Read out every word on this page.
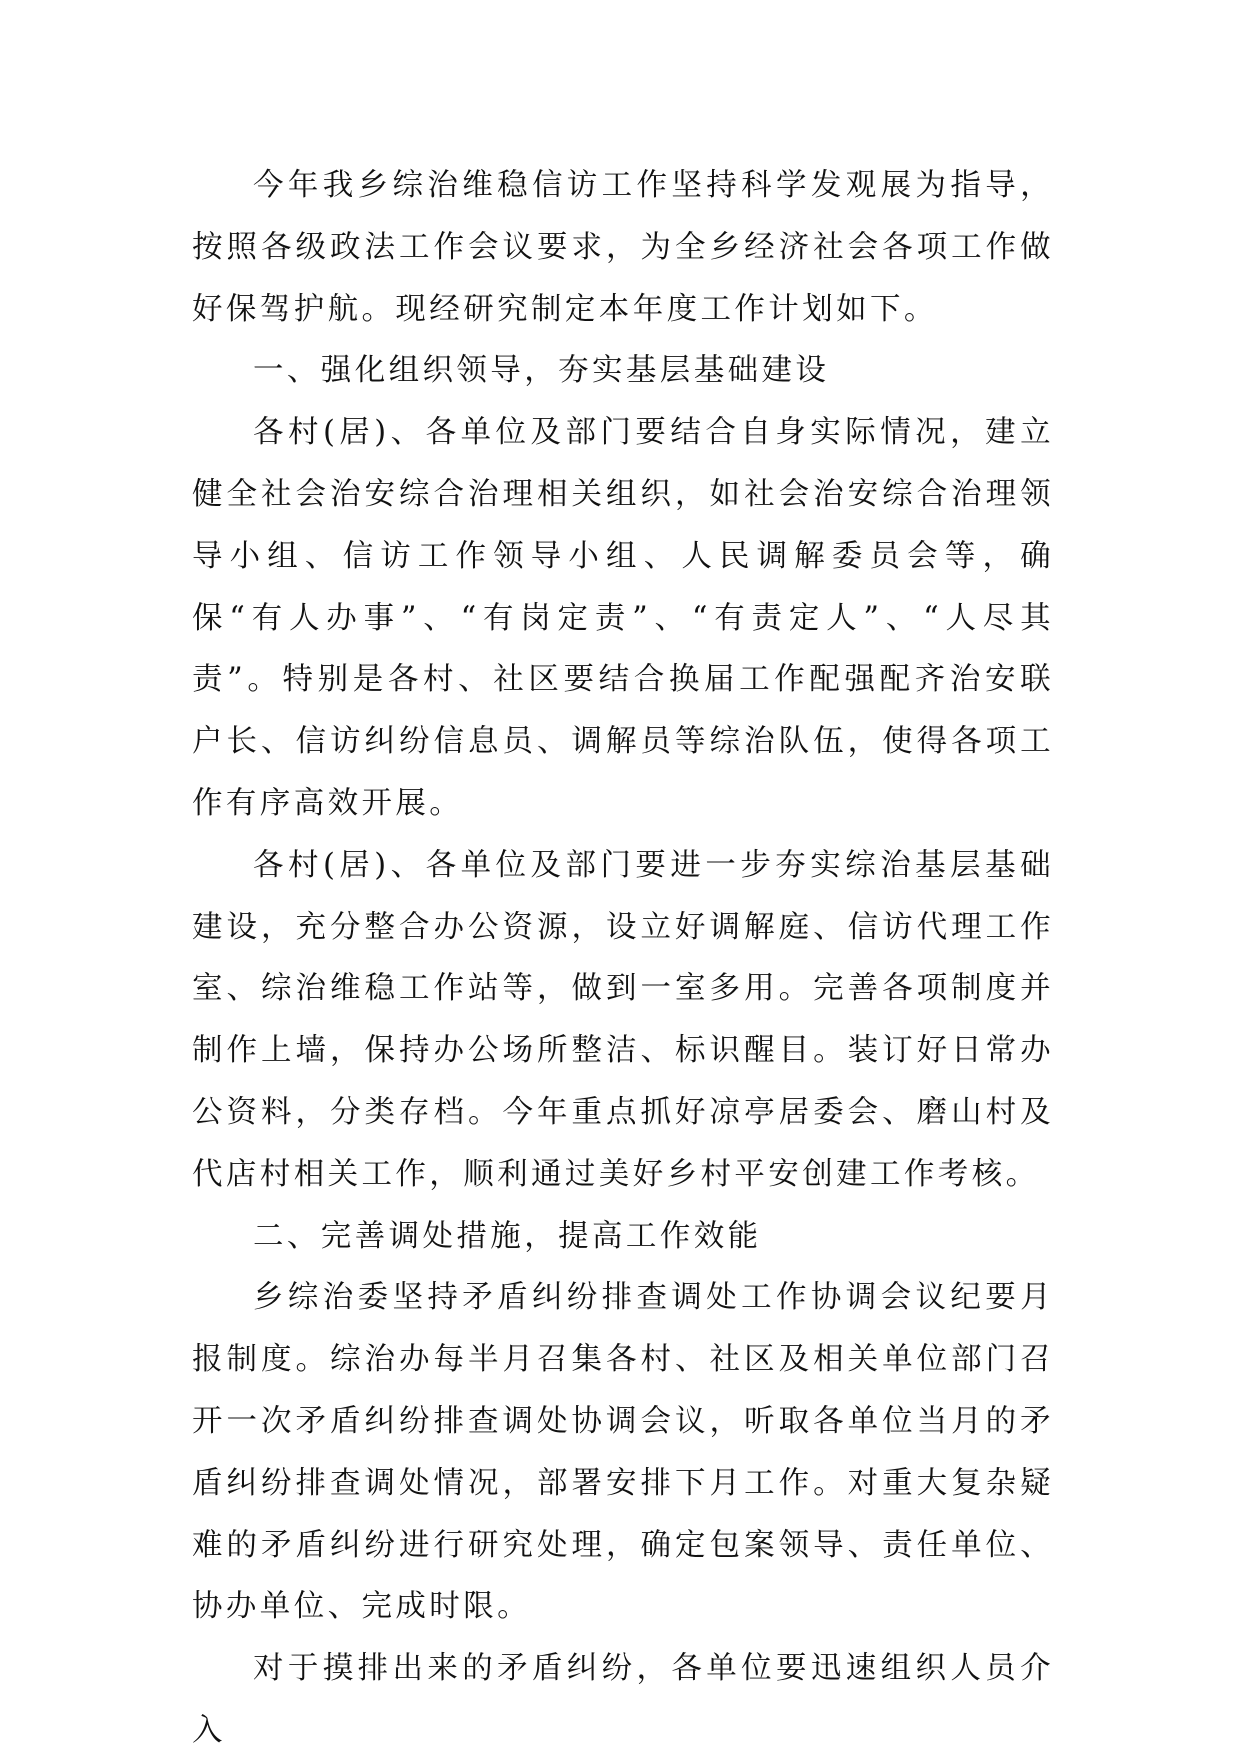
今年我乡综治维稳信访工作坚持科学发观展为指导，按照各级政法工作会议要求，为全乡经济社会各项工作做好保驾护航。现经研究制定本年度工作计划如下。

一、强化组织领导，夯实基层基础建设

各村(居)、各单位及部门要结合自身实际情况，建立健全社会治安综合治理相关组织，如社会治安综合治理领导小组、信访工作领导小组、人民调解委员会等，确保“有人办事”、“有岗定责”、“有责定人”、“人尽其责”。特别是各村、社区要结合换届工作配强配齐治安联户长、信访纠纷信息员、调解员等综治队伍，使得各项工作有序高效开展。

各村(居)、各单位及部门要进一步夯实综治基层基础建设，充分整合办公资源，设立好调解庭、信访代理工作室、综治维稳工作站等，做到一室多用。完善各项制度并制作上墙，保持办公场所整洁、标识醒目。装订好日常办公资料，分类存档。今年重点抓好凉亭居委会、磨山村及代店村相关工作，顺利通过美好乡村平安创建工作考核。

二、完善调处措施，提高工作效能

乡综治委坚持矛盾纠纷排查调处工作协调会议纪要月报制度。综治办每半月召集各村、社区及相关单位部门召开一次矛盾纠纷排查调处协调会议，听取各单位当月的矛盾纠纷排查调处情况，部署安排下月工作。对重大复杂疑难的矛盾纠纷进行研究处理，确定包案领导、责任单位、协办单位、完成时限。

对于摸排出来的矛盾纠纷，各单位要迅速组织人员介入
